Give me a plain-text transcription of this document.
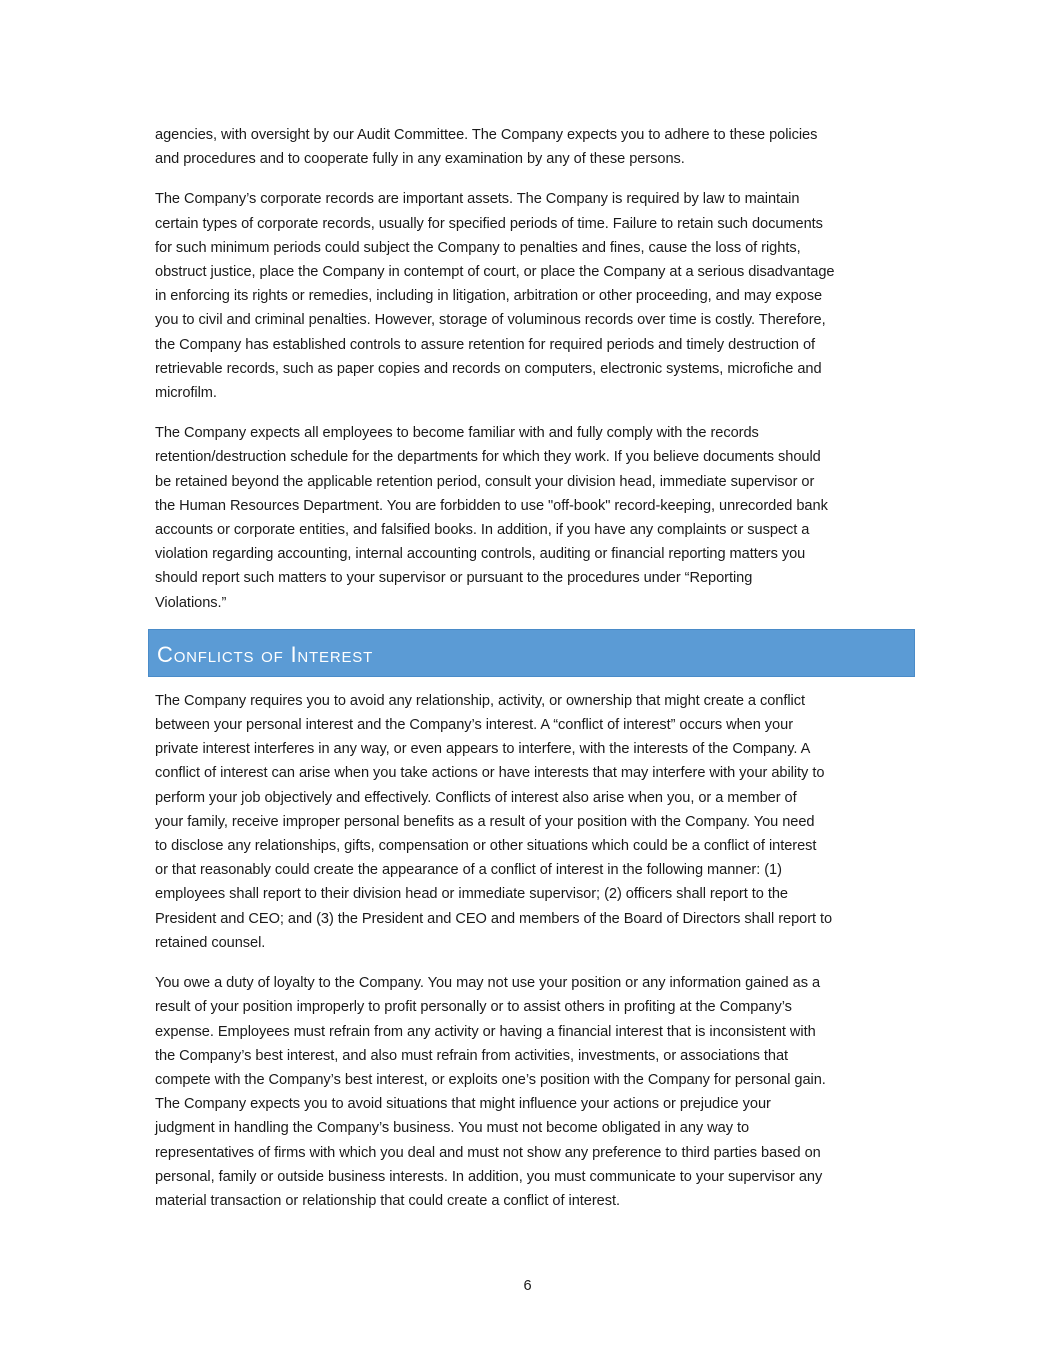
agencies, with oversight by our Audit Committee. The Company expects you to adhere to these policies
and procedures and to cooperate fully in any examination by any of these persons.

The Company’s corporate records are important assets. The Company is required by law to maintain
certain types of corporate records, usually for specified periods of time. Failure to retain such documents
for such minimum periods could subject the Company to penalties and fines, cause the loss of rights,
obstruct justice, place the Company in contempt of court, or place the Company at a serious disadvantage
in enforcing its rights or remedies, including in litigation, arbitration or other proceeding, and may expose
you to civil and criminal penalties. However, storage of voluminous records over time is costly. Therefore,
the Company has established controls to assure retention for required periods and timely destruction of
retrievable records, such as paper copies and records on computers, electronic systems, microfiche and
microfilm.

The Company expects all employees to become familiar with and fully comply with the records
retention/destruction schedule for the departments for which they work. If you believe documents should
be retained beyond the applicable retention period, consult your division head, immediate supervisor or
the Human Resources Department. You are forbidden to use "off-book" record-keeping, unrecorded bank
accounts or corporate entities, and falsified books. In addition, if you have any complaints or suspect a
violation regarding accounting, internal accounting controls, auditing or financial reporting matters you
should report such matters to your supervisor or pursuant to the procedures under “Reporting
Violations.”

Conflicts of Interest

The Company requires you to avoid any relationship, activity, or ownership that might create a conflict
between your personal interest and the Company’s interest. A “conflict of interest” occurs when your
private interest interferes in any way, or even appears to interfere, with the interests of the Company. A
conflict of interest can arise when you take actions or have interests that may interfere with your ability to
perform your job objectively and effectively. Conflicts of interest also arise when you, or a member of
your family, receive improper personal benefits as a result of your position with the Company. You need
to disclose any relationships, gifts, compensation or other situations which could be a conflict of interest
or that reasonably could create the appearance of a conflict of interest in the following manner: (1)
employees shall report to their division head or immediate supervisor; (2) officers shall report to the
President and CEO; and (3) the President and CEO and members of the Board of Directors shall report to
retained counsel.

You owe a duty of loyalty to the Company. You may not use your position or any information gained as a
result of your position improperly to profit personally or to assist others in profiting at the Company’s
expense. Employees must refrain from any activity or having a financial interest that is inconsistent with
the Company’s best interest, and also must refrain from activities, investments, or associations that
compete with the Company’s best interest, or exploits one’s position with the Company for personal gain.
The Company expects you to avoid situations that might influence your actions or prejudice your
judgment in handling the Company’s business. You must not become obligated in any way to
representatives of firms with which you deal and must not show any preference to third parties based on
personal, family or outside business interests. In addition, you must communicate to your supervisor any
material transaction or relationship that could create a conflict of interest.

6
